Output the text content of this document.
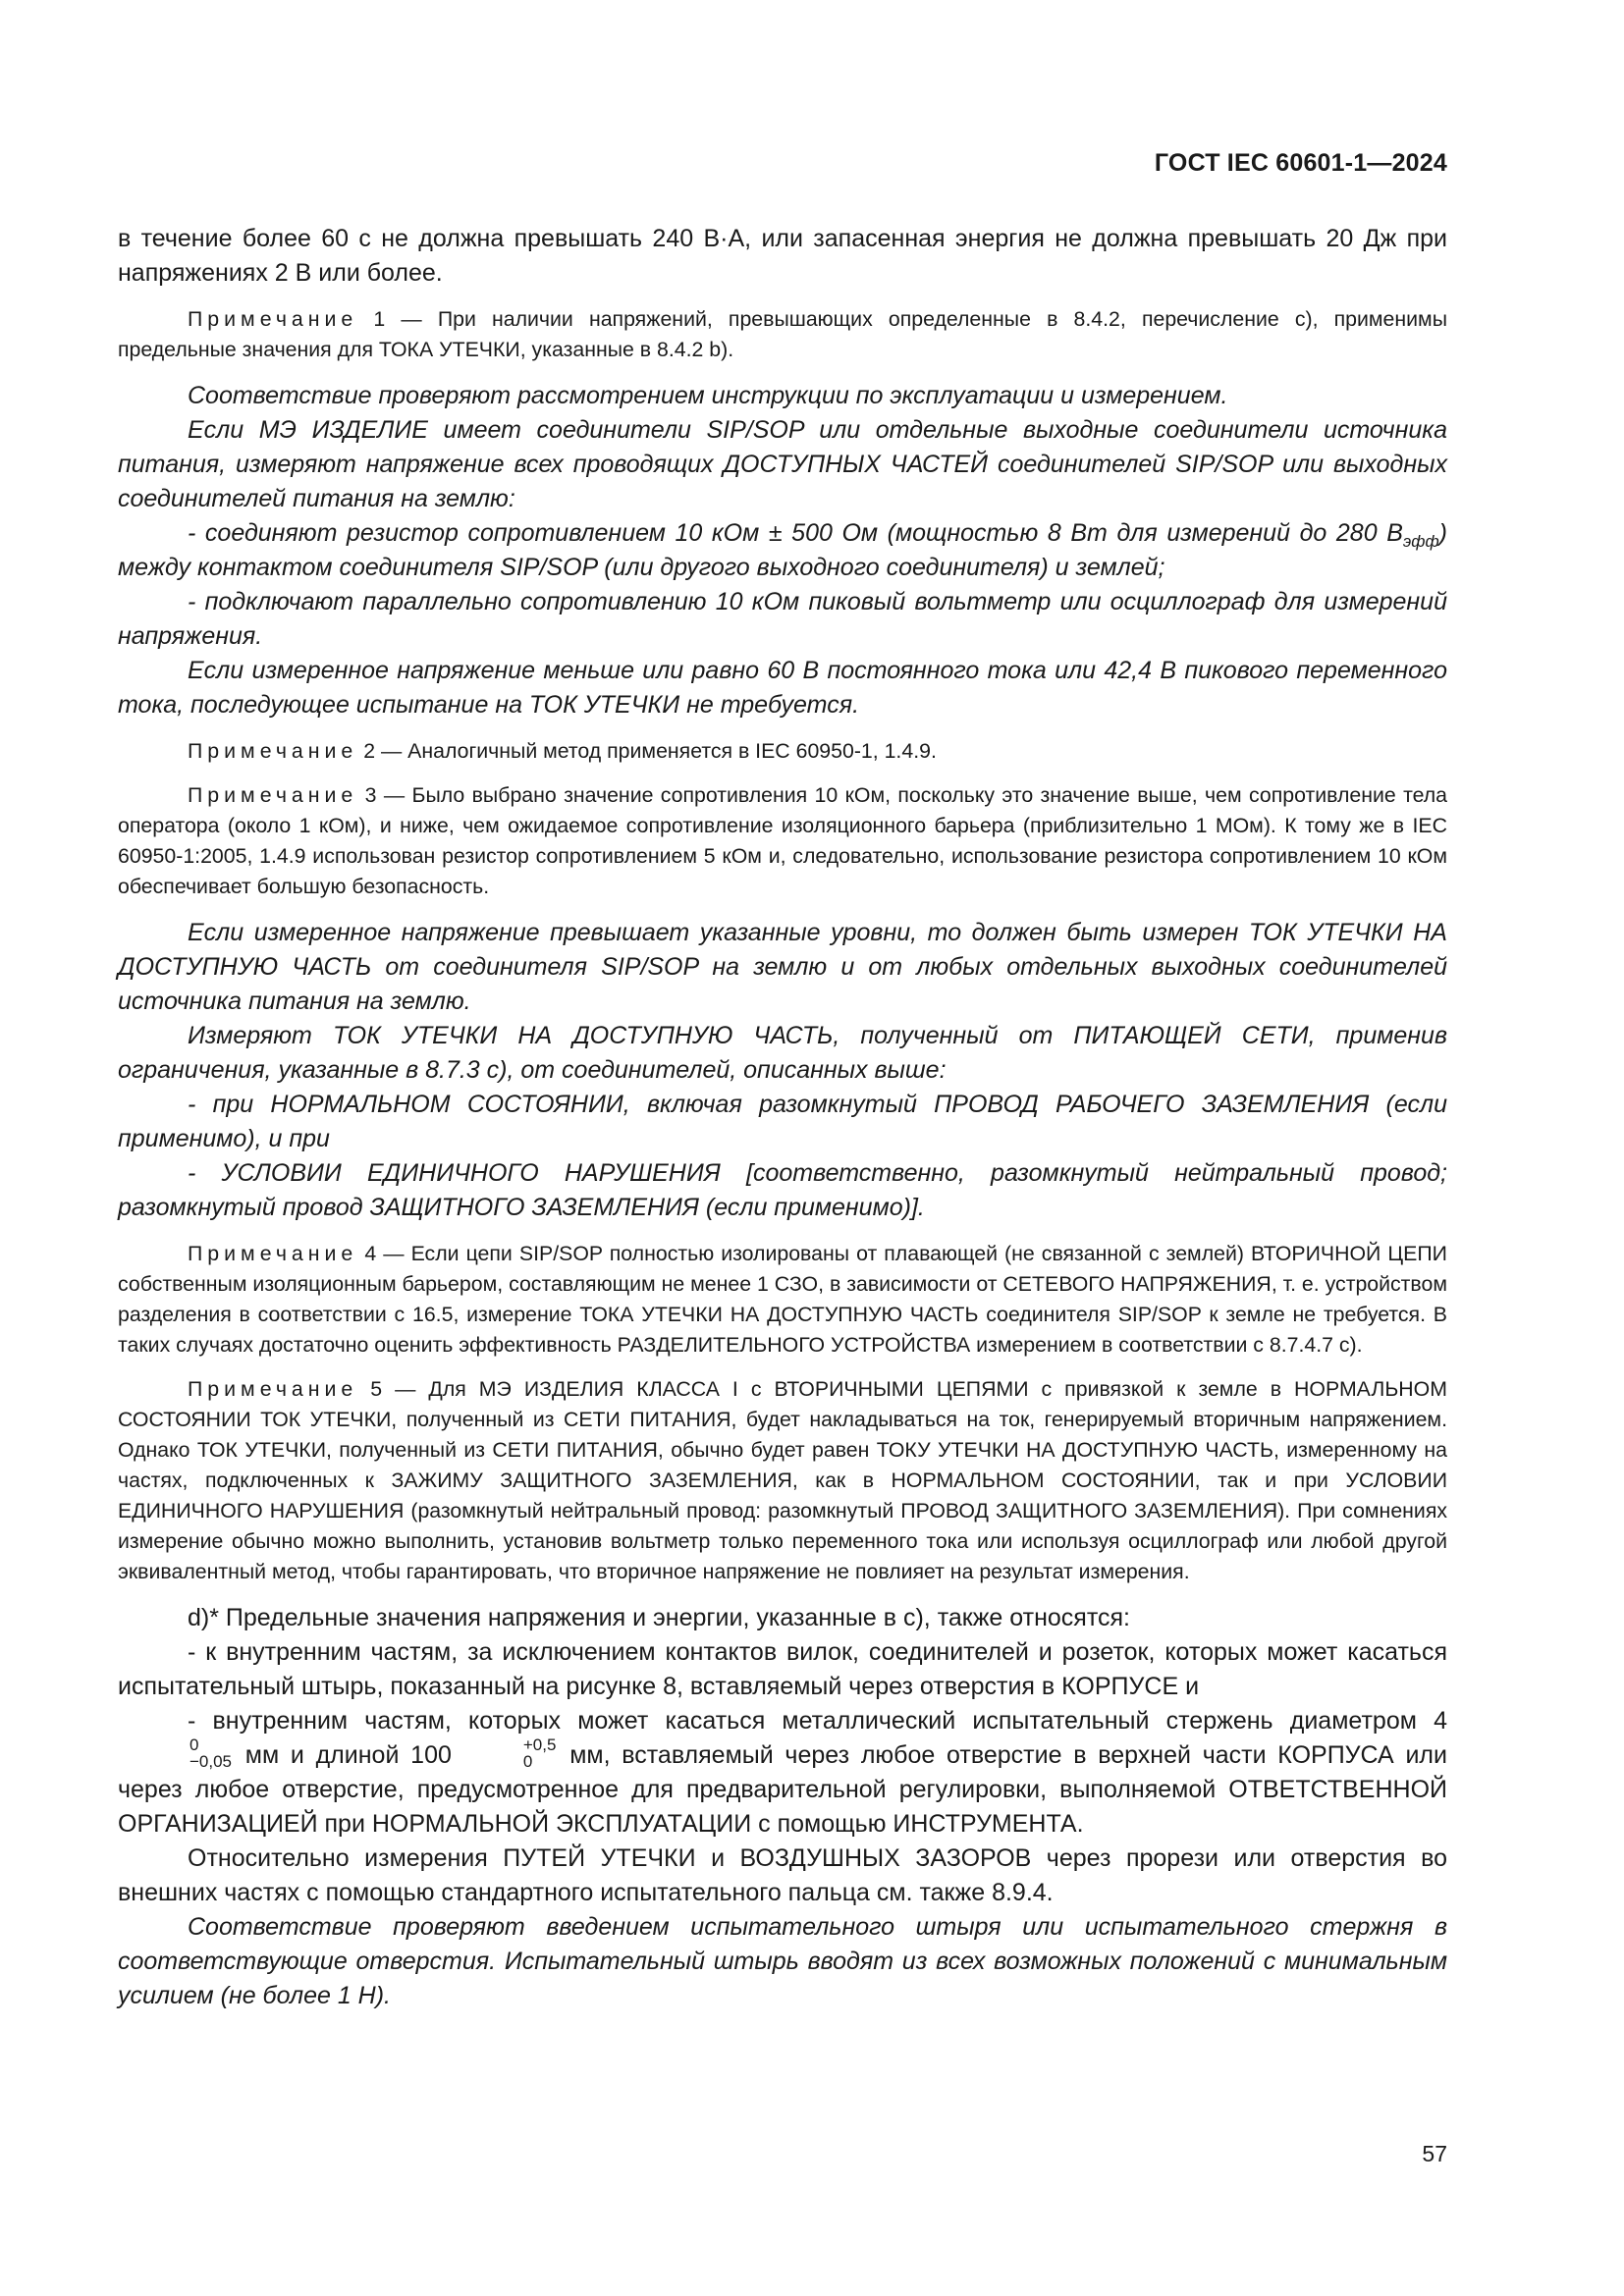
ГОСТ IEC 60601-1—2024

в течение более 60 с не должна превышать 240 В·А, или запасенная энергия не должна превышать 20 Дж при напряжениях 2 В или более.

Примечание 1 — При наличии напряжений, превышающих определенные в 8.4.2, перечисление с), применимы предельные значения для ТОКА УТЕЧКИ, указанные в 8.4.2 b).

Соответствие проверяют рассмотрением инструкции по эксплуатации и измерением.

Если МЭ ИЗДЕЛИЕ имеет соединители SIP/SOP или отдельные выходные соединители источника питания, измеряют напряжение всех проводящих ДОСТУПНЫХ ЧАСТЕЙ соединителей SIP/SOP или выходных соединителей питания на землю:

- соединяют резистор сопротивлением 10 кОм ± 500 Ом (мощностью 8 Вт для измерений до 280 $В_{эфф}$) между контактом соединителя SIP/SOP (или другого выходного соединителя) и землей;

- подключают параллельно сопротивлению 10 кОм пиковый вольтметр или осциллограф для измерений напряжения.

Если измеренное напряжение меньше или равно 60 В постоянного тока или 42,4 В пикового переменного тока, последующее испытание на ТОК УТЕЧКИ не требуется.

Примечание 2 — Аналогичный метод применяется в IEC 60950-1, 1.4.9.

Примечание 3 — Было выбрано значение сопротивления 10 кОм, поскольку это значение выше, чем сопротивление тела оператора (около 1 кОм), и ниже, чем ожидаемое сопротивление изоляционного барьера (приблизительно 1 МОм). К тому же в IEC 60950-1:2005, 1.4.9 использован резистор сопротивлением 5 кОм и, следовательно, использование резистора сопротивлением 10 кОм обеспечивает большую безопасность.

Если измеренное напряжение превышает указанные уровни, то должен быть измерен ТОК УТЕЧКИ НА ДОСТУПНУЮ ЧАСТЬ от соединителя SIP/SOP на землю и от любых отдельных выходных соединителей источника питания на землю.

Измеряют ТОК УТЕЧКИ НА ДОСТУПНУЮ ЧАСТЬ, полученный от ПИТАЮЩЕЙ СЕТИ, применив ограничения, указанные в 8.7.3 с), от соединителей, описанных выше:

- при НОРМАЛЬНОМ СОСТОЯНИИ, включая разомкнутый ПРОВОД РАБОЧЕГО ЗАЗЕМЛЕНИЯ (если применимо), и при

- УСЛОВИИ ЕДИНИЧНОГО НАРУШЕНИЯ [соответственно, разомкнутый нейтральный провод; разомкнутый провод ЗАЩИТНОГО ЗАЗЕМЛЕНИЯ (если применимо)].

Примечание 4 — Если цепи SIP/SOP полностью изолированы от плавающей (не связанной с землей) ВТОРИЧНОЙ ЦЕПИ собственным изоляционным барьером, составляющим не менее 1 СЗО, в зависимости от СЕТЕВОГО НАПРЯЖЕНИЯ, т. е. устройством разделения в соответствии с 16.5, измерение ТОКА УТЕЧКИ НА ДОСТУПНУЮ ЧАСТЬ соединителя SIP/SOP к земле не требуется. В таких случаях достаточно оценить эффективность РАЗДЕЛИТЕЛЬНОГО УСТРОЙСТВА измерением в соответствии с 8.7.4.7 с).

Примечание 5 — Для МЭ ИЗДЕЛИЯ КЛАССА I с ВТОРИЧНЫМИ ЦЕПЯМИ с привязкой к земле в НОРМАЛЬНОМ СОСТОЯНИИ ТОК УТЕЧКИ, полученный из СЕТИ ПИТАНИЯ, будет накладываться на ток, генерируемый вторичным напряжением. Однако ТОК УТЕЧКИ, полученный из СЕТИ ПИТАНИЯ, обычно будет равен ТОКУ УТЕЧКИ НА ДОСТУПНУЮ ЧАСТЬ, измеренному на частях, подключенных к ЗАЖИМУ ЗАЩИТНОГО ЗАЗЕМЛЕНИЯ, как в НОРМАЛЬНОМ СОСТОЯНИИ, так и при УСЛОВИИ ЕДИНИЧНОГО НАРУШЕНИЯ (разомкнутый нейтральный провод: разомкнутый ПРОВОД ЗАЩИТНОГО ЗАЗЕМЛЕНИЯ). При сомнениях измерение обычно можно выполнить, установив вольтметр только переменного тока или используя осциллограф или любой другой эквивалентный метод, чтобы гарантировать, что вторичное напряжение не повлияет на результат измерения.

d)* Предельные значения напряжения и энергии, указанные в с), также относятся:

- к внутренним частям, за исключением контактов вилок, соединителей и розеток, которых может касаться испытательный штырь, показанный на рисунке 8, вставляемый через отверстия в КОРПУСЕ и

- внутренним частям, которых может касаться металлический испытательный стержень диаметром 4
0
−0,05 мм и длиной 100	+0,5
0	мм, вставляемый через любое отверстие в верхней части КОРПУСА или через любое отверстие, предусмотренное для предварительной регулировки, выполняемой ОТВЕТСТВЕННОЙ ОРГАНИЗАЦИЕЙ при НОРМАЛЬНОЙ ЭКСПЛУАТАЦИИ с помощью ИНСТРУМЕНТА.

Относительно измерения ПУТЕЙ УТЕЧКИ и ВОЗДУШНЫХ ЗАЗОРОВ через прорези или отверстия во внешних частях с помощью стандартного испытательного пальца см. также 8.9.4.

Соответствие проверяют введением испытательного штыря или испытательного стержня в соответствующие отверстия. Испытательный штырь вводят из всех возможных положений с минимальным усилием (не более 1 Н).

57
